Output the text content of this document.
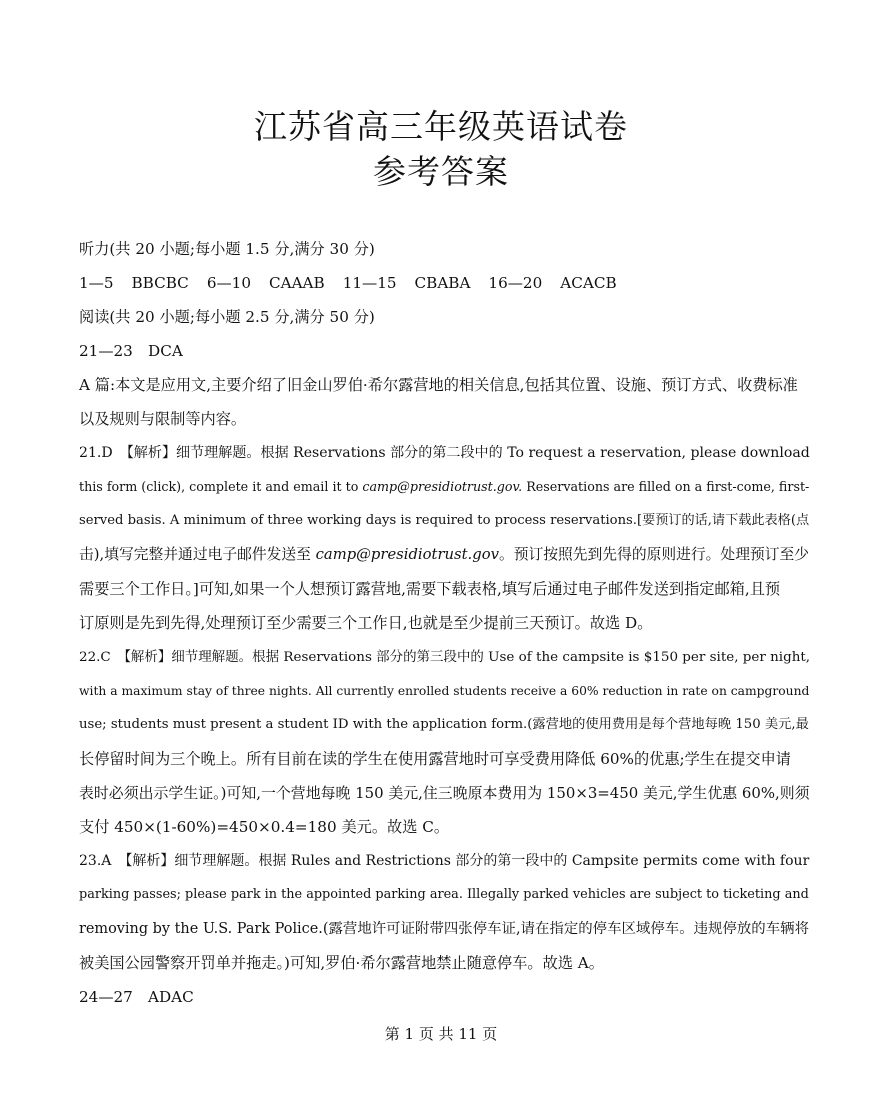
江苏省高三年级英语试卷
参考答案
听力(共 20 小题;每小题 1.5 分,满分 30 分)
1—5 BBCBC 6—10 CAAAB 11—15 CBABA 16—20 ACACB
阅读(共 20 小题;每小题 2.5 分,满分 50 分)
21—23　DCA
A 篇:本文是应用文,主要介绍了旧金山罗伯·希尔露营地的相关信息,包括其位置、设施、预订方式、收费标准
以及规则与限制等内容。
21.D　【解析】细节理解题。根据 Reservations 部分的第二段中的 To request a reservation, please download
this form (click), complete it and email it to camp@presidiotrust.gov. Reservations are filled on a first-come, first-
served basis. A minimum of three working days is required to process reservations.[要预订的话,请下载此表格(点
击),填写完整并通过电子邮件发送至 camp@presidiotrust.gov。预订按照先到先得的原则进行。处理预订至少
需要三个工作日。]可知,如果一个人想预订露营地,需要下载表格,填写后通过电子邮件发送到指定邮箱,且预
订原则是先到先得,处理预订至少需要三个工作日,也就是至少提前三天预订。故选 D。
22.C　【解析】细节理解题。根据 Reservations 部分的第三段中的 Use of the campsite is $150 per site, per night,
with a maximum stay of three nights. All currently enrolled students receive a 60% reduction in rate on campground
use; students must present a student ID with the application form.(露营地的使用费用是每个营地每晚 150 美元,最
长停留时间为三个晚上。所有目前在读的学生在使用露营地时可享受费用降低 60%的优惠;学生在提交申请
表时必须出示学生证。)可知,一个营地每晚 150 美元,住三晚原本费用为 150×3=450 美元,学生优惠 60%,则须
支付 450×(1-60%)=450×0.4=180 美元。故选 C。
23.A　【解析】细节理解题。根据 Rules and Restrictions 部分的第一段中的 Campsite permits come with four
parking passes; please park in the appointed parking area. Illegally parked vehicles are subject to ticketing and
removing by the U.S. Park Police.(露营地许可证附带四张停车证,请在指定的停车区域停车。违规停放的车辆将
被美国公园警察开罚单并拖走。)可知,罗伯·希尔露营地禁止随意停车。故选 A。
24—27　ADAC
第 1 页 共 11 页
